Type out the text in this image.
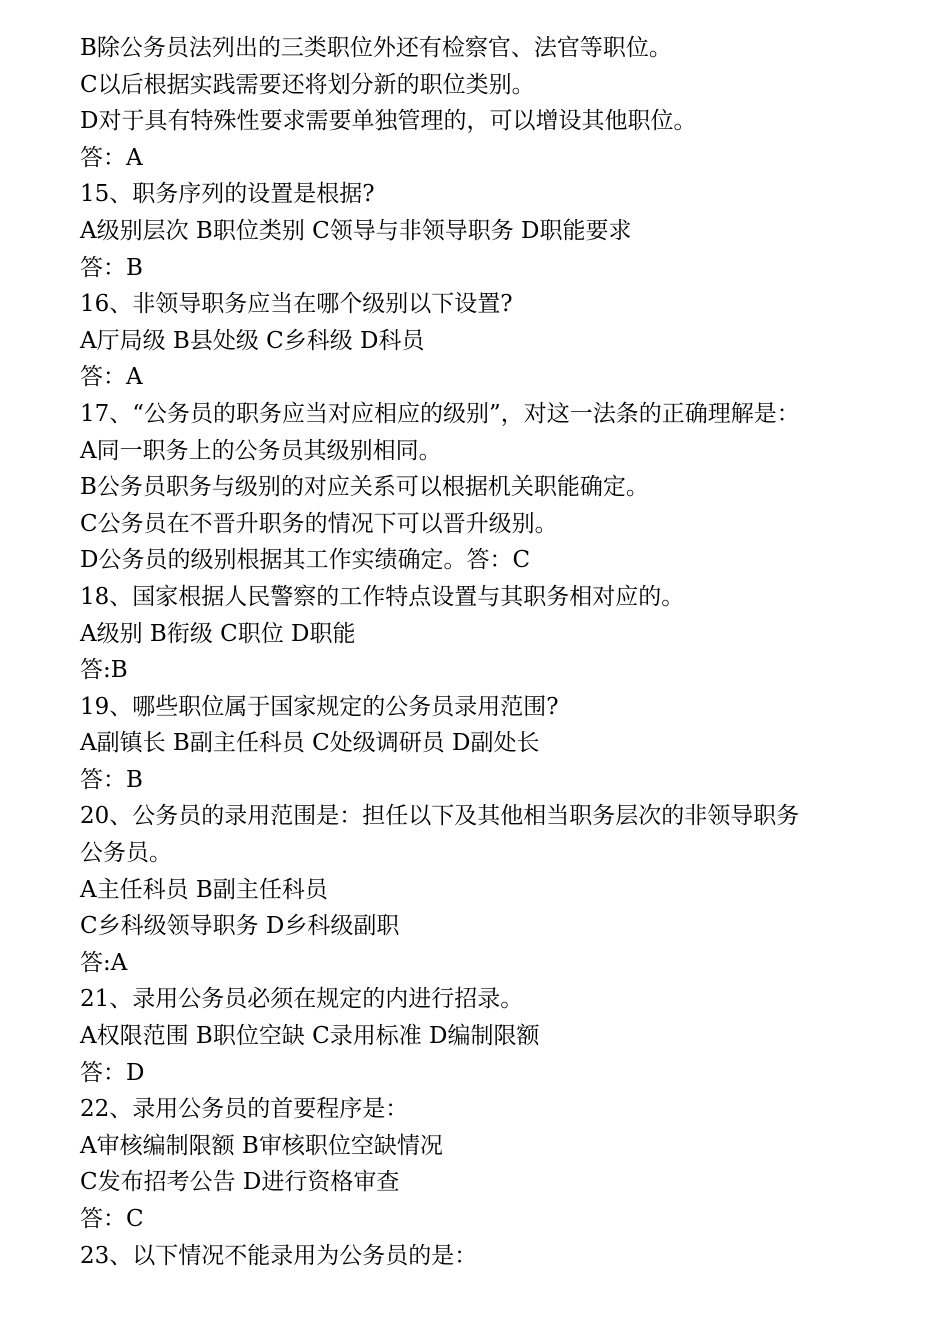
B除公务员法列出的三类职位外还有检察官、法官等职位。
C以后根据实践需要还将划分新的职位类别。
D对于具有特殊性要求需要单独管理的，可以增设其他职位。
答：A
15、职务序列的设置是根据?
A级别层次 B职位类别 C领导与非领导职务 D职能要求
答：B
16、非领导职务应当在哪个级别以下设置?
A厅局级 B县处级 C乡科级 D科员
答：A
17、“公务员的职务应当对应相应的级别”，对这一法条的正确理解是：
A同一职务上的公务员其级别相同。
B公务员职务与级别的对应关系可以根据机关职能确定。
C公务员在不晋升职务的情况下可以晋升级别。
D公务员的级别根据其工作实绩确定。答：C
18、国家根据人民警察的工作特点设置与其职务相对应的。
A级别 B衔级 C职位 D职能
答:B
19、哪些职位属于国家规定的公务员录用范围?
A副镇长 B副主任科员 C处级调研员 D副处长
答：B
20、公务员的录用范围是：担任以下及其他相当职务层次的非领导职务
公务员。
A主任科员 B副主任科员
C乡科级领导职务 D乡科级副职
答:A
21、录用公务员必须在规定的内进行招录。
A权限范围 B职位空缺 C录用标准 D编制限额
答：D
22、录用公务员的首要程序是：
A审核编制限额 B审核职位空缺情况
C发布招考公告 D进行资格审查
答：C
23、以下情况不能录用为公务员的是：
